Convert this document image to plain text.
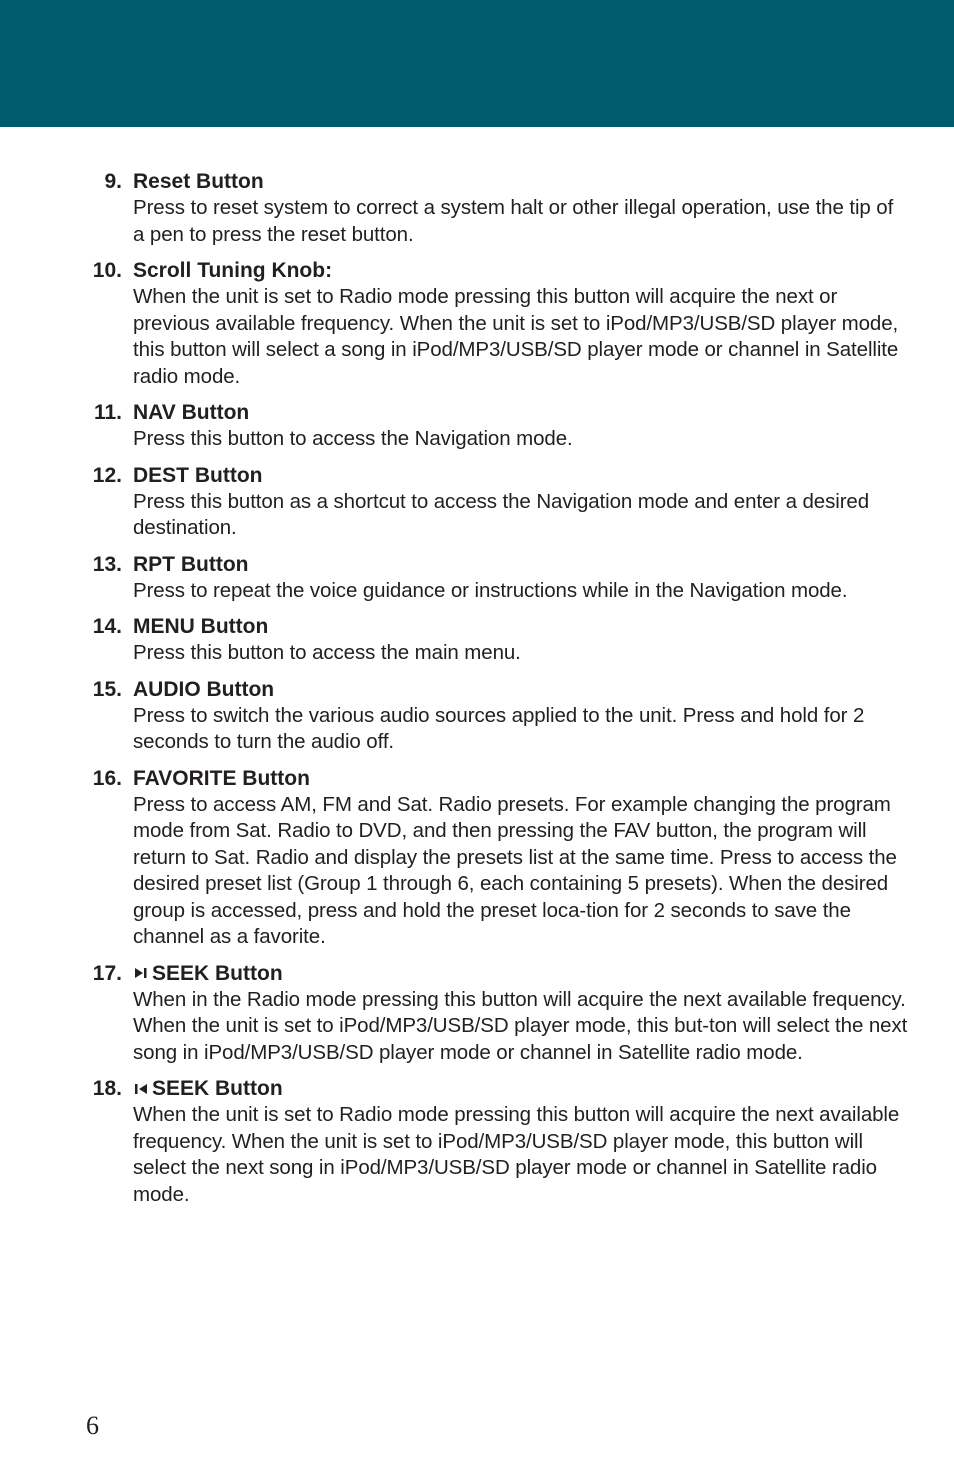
9. Reset Button
Press to reset system to correct a system halt or other illegal operation, use the tip of a pen to press the reset button.
10. Scroll Tuning Knob:
When the unit is set to Radio mode pressing this button will acquire the next or previous available frequency. When the unit is set to iPod/MP3/USB/SD player mode, this button will select a song in iPod/MP3/USB/SD player mode or channel in Satellite radio mode.
11. NAV Button
Press this button to access the Navigation mode.
12. DEST Button
Press this button as a shortcut to access the Navigation mode and enter a desired destination.
13. RPT Button
Press to repeat the voice guidance or instructions while in the Navigation mode.
14. MENU Button
Press this button to access the main menu.
15. AUDIO Button
Press to switch the various audio sources applied to the unit. Press and hold for 2 seconds to turn the audio off.
16. FAVORITE Button
Press to access AM, FM and Sat. Radio presets. For example changing the program mode from Sat. Radio to DVD, and then pressing the FAV button, the program will return to Sat. Radio and display the presets list at the same time. Press to access the desired preset list (Group 1 through 6, each containing 5 presets). When the desired group is accessed, press and hold the preset loca-tion for 2 seconds to save the channel as a favorite.
17. SEEK Button
When in the Radio mode pressing this button will acquire the next available frequency. When the unit is set to iPod/MP3/USB/SD player mode, this but-ton will select the next song in iPod/MP3/USB/SD player mode or channel in Satellite radio mode.
18. SEEK Button
When the unit is set to Radio mode pressing this button will acquire the next available frequency. When the unit is set to iPod/MP3/USB/SD player mode, this button will select the next song in iPod/MP3/USB/SD player mode or channel in Satellite radio mode.
6
